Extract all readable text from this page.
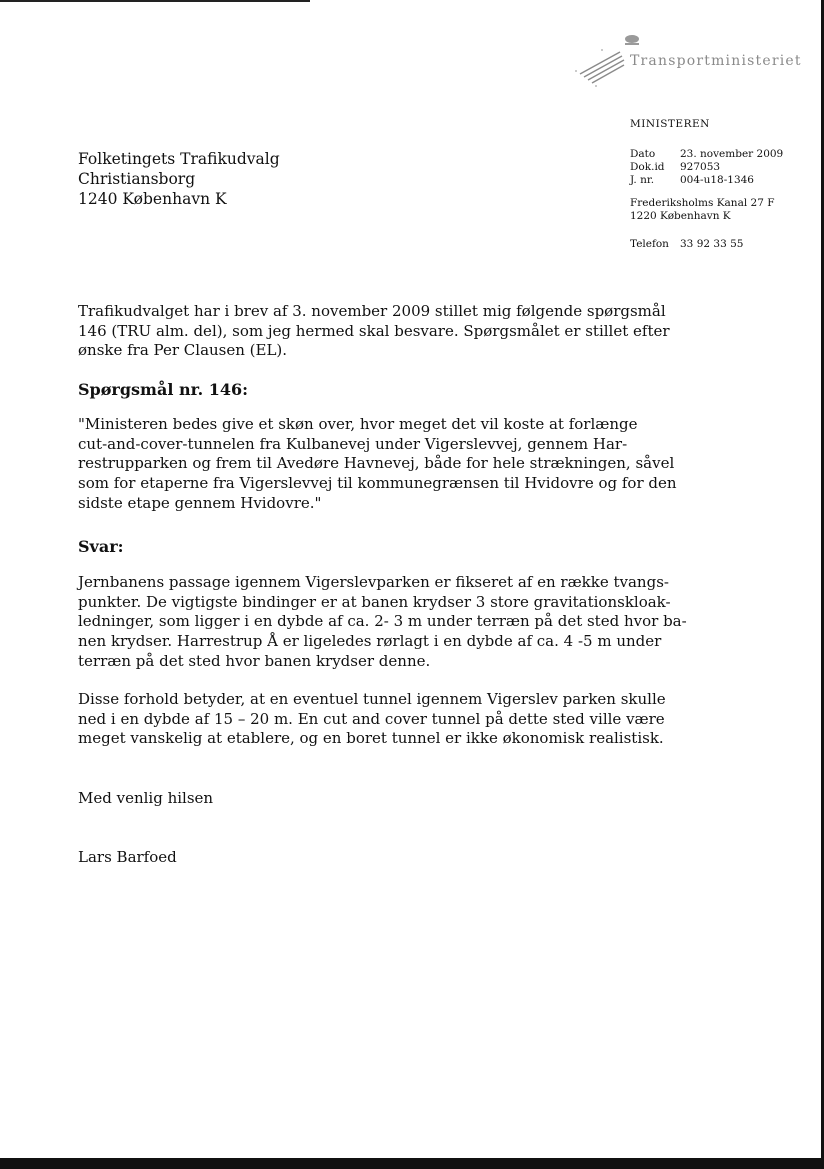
Transportministeriet
MINISTEREN
Dato	23. november 2009
Dok.id	927053
J. nr.	004-u18-1346
Frederiksholms Kanal 27 F
1220 København K
Telefon	33 92 33 55
Folketingets Trafikudvalg
Christiansborg
1240 København K
Trafikudvalget har i brev af 3. november 2009 stillet mig følgende spørgsmål
146 (TRU alm. del), som jeg hermed skal besvare. Spørgsmålet er stillet efter
ønske fra Per Clausen (EL).
Spørgsmål nr. 146:
"Ministeren bedes give et skøn over, hvor meget det vil koste at forlænge
cut-and-cover-tunnelen fra Kulbanevej under Vigerslevvej, gennem Har-
restrupparken og frem til Avedøre Havnevej, både for hele strækningen, såvel
som for etaperne fra Vigerslevvej til kommunegrænsen til Hvidovre og for den
sidste etape gennem Hvidovre."
Svar:
Jernbanens passage igennem Vigerslevparken er fikseret af en række tvangs-
punkter. De vigtigste bindinger er at banen krydser 3 store gravitationskloak-
ledninger, som ligger i en dybde af ca. 2- 3 m under terræn på det sted hvor ba-
nen krydser. Harrestrup Å er ligeledes rørlagt i en dybde af ca. 4 -5 m under
terræn på det sted hvor banen krydser denne.
Disse forhold betyder, at en eventuel tunnel igennem Vigerslev parken skulle
ned i en dybde af 15 – 20 m. En cut and cover tunnel på dette sted ville være
meget vanskelig at etablere, og en boret tunnel er ikke økonomisk realistisk.
Med venlig hilsen
Lars Barfoed
